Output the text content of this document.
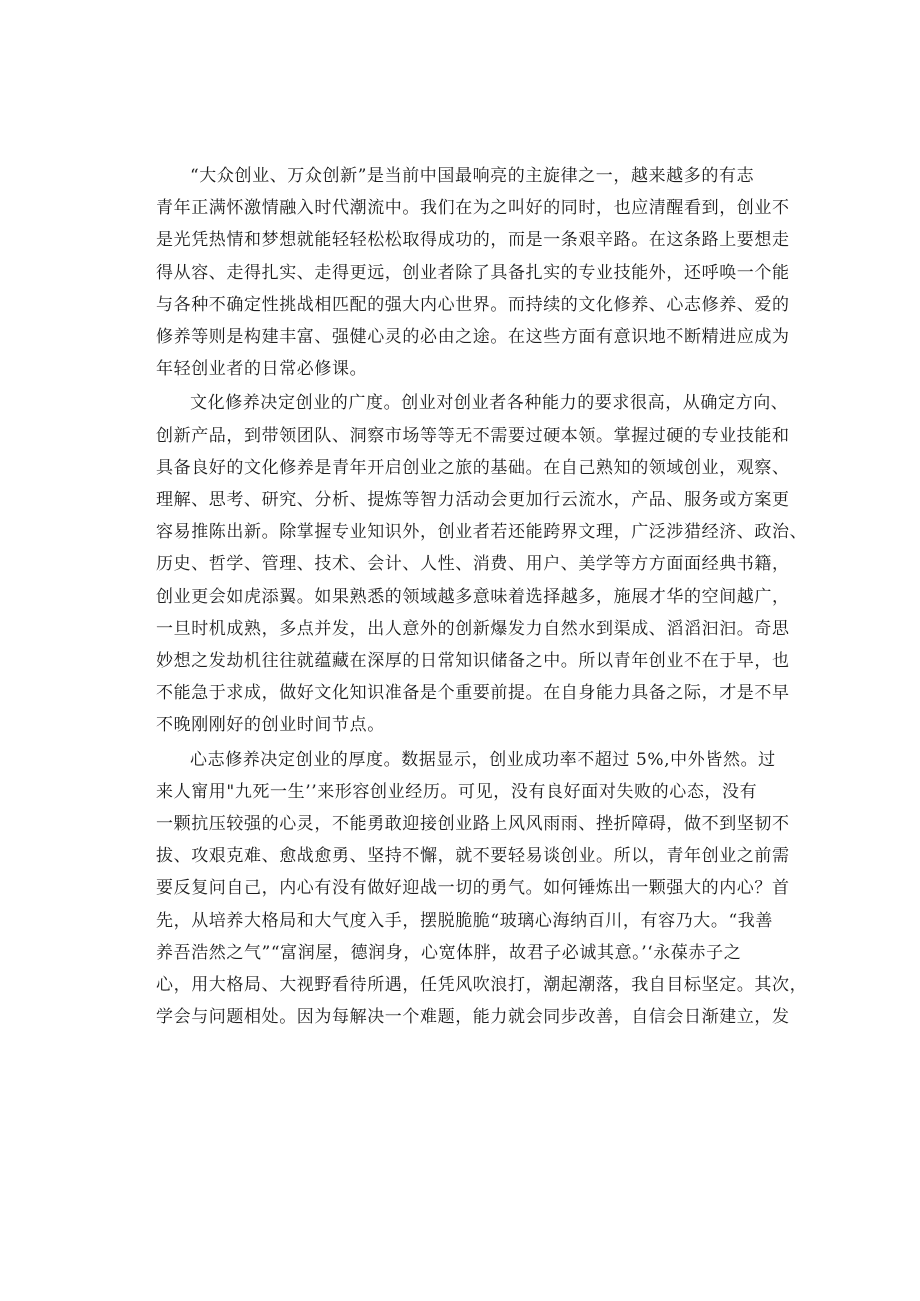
“大众创业、万众创新”是当前中国最响亮的主旋律之一，越来越多的有志
青年正满怀激情融入时代潮流中。我们在为之叫好的同时，也应清醒看到，创业不
是光凭热情和梦想就能轻轻松松取得成功的，而是一条艰辛路。在这条路上要想走
得从容、走得扎实、走得更远，创业者除了具备扎实的专业技能外，还呼唤一个能
与各种不确定性挑战相匹配的强大内心世界。而持续的文化修养、心志修养、爱的
修养等则是构建丰富、强健心灵的必由之途。在这些方面有意识地不断精进应成为
年轻创业者的日常必修课。

文化修养决定创业的广度。创业对创业者各种能力的要求很高，从确定方向、
创新产品，到带领团队、洞察市场等等无不需要过硬本领。掌握过硬的专业技能和
具备良好的文化修养是青年开启创业之旅的基础。在自己熟知的领域创业，观察、
理解、思考、研究、分析、提炼等智力活动会更加行云流水，产品、服务或方案更
容易推陈出新。除掌握专业知识外，创业者若还能跨界文理，广泛涉猎经济、政治、
历史、哲学、管理、技术、会计、人性、消费、用户、美学等方方面面经典书籍，
创业更会如虎添翼。如果熟悉的领域越多意味着选择越多，施展才华的空间越广，
一旦时机成熟，多点并发，出人意外的创新爆发力自然水到渠成、滔滔汩汩。奇思
妙想之发劫机往往就蕴藏在深厚的日常知识储备之中。所以青年创业不在于早，也
不能急于求成，做好文化知识准备是个重要前提。在自身能力具备之际，才是不早
不晚刚刚好的创业时间节点。

心志修养决定创业的厚度。数据显示，创业成功率不超过 5%,中外皆然。过
来人甯用"九死一生’’来形容创业经历。可见，没有良好面对失败的心态，没有
一颗抗压较强的心灵，不能勇敢迎接创业路上风风雨雨、挫折障碍，做不到坚韧不
拔、攻艰克难、愈战愈勇、坚持不懈，就不要轻易谈创业。所以，青年创业之前需
要反复问自己，内心有没有做好迎战一切的勇气。如何锤炼出一颗强大的内心？首
先，从培养大格局和大气度入手，摆脱脆脆“玻璃心海纳百川，有容乃大。“我善
养吾浩然之气”“富润屋，德润身，心宽体胖，故君子必诚其意。’‘永葆赤子之
心，用大格局、大视野看待所遇，任凭风吹浪打，潮起潮落，我自目标坚定。其次，
学会与问题相处。因为每解决一个难题，能力就会同步改善，自信会日渐建立，发
